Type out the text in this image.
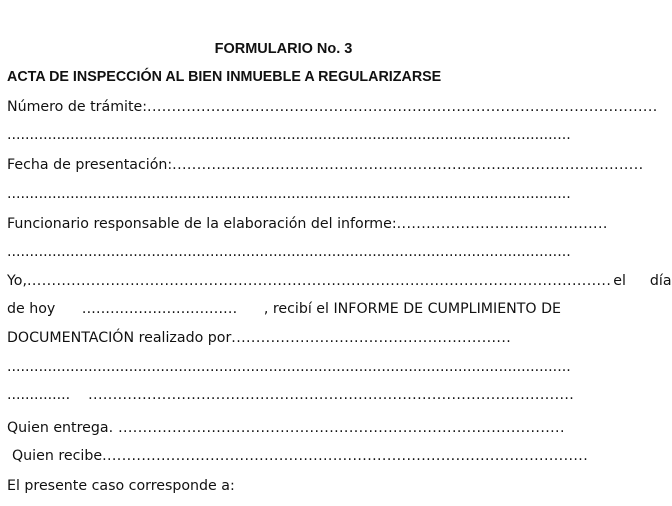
FORMULARIO No. 3
ACTA DE INSPECCIÓN AL BIEN INMUEBLE A REGULARIZARSE
Número de trámite: ........................................................................................................
.............................................................................................................................
Fecha de presentación: ................................................................................................
.............................................................................................................................
Funcionario responsable de la elaboración del informe: ...........................................
.............................................................................................................................
Yo, ....................................................................................................................... el día
de hoy ................................. , recibí el INFORME DE CUMPLIMIENTO DE
DOCUMENTACIÓN realizado por .........................................................
.............................................................................................................................
.............. ...................................................................................................
Quien entrega. ...........................................................................................
Quien recibe ...................................................................................................
El presente caso corresponde a:
